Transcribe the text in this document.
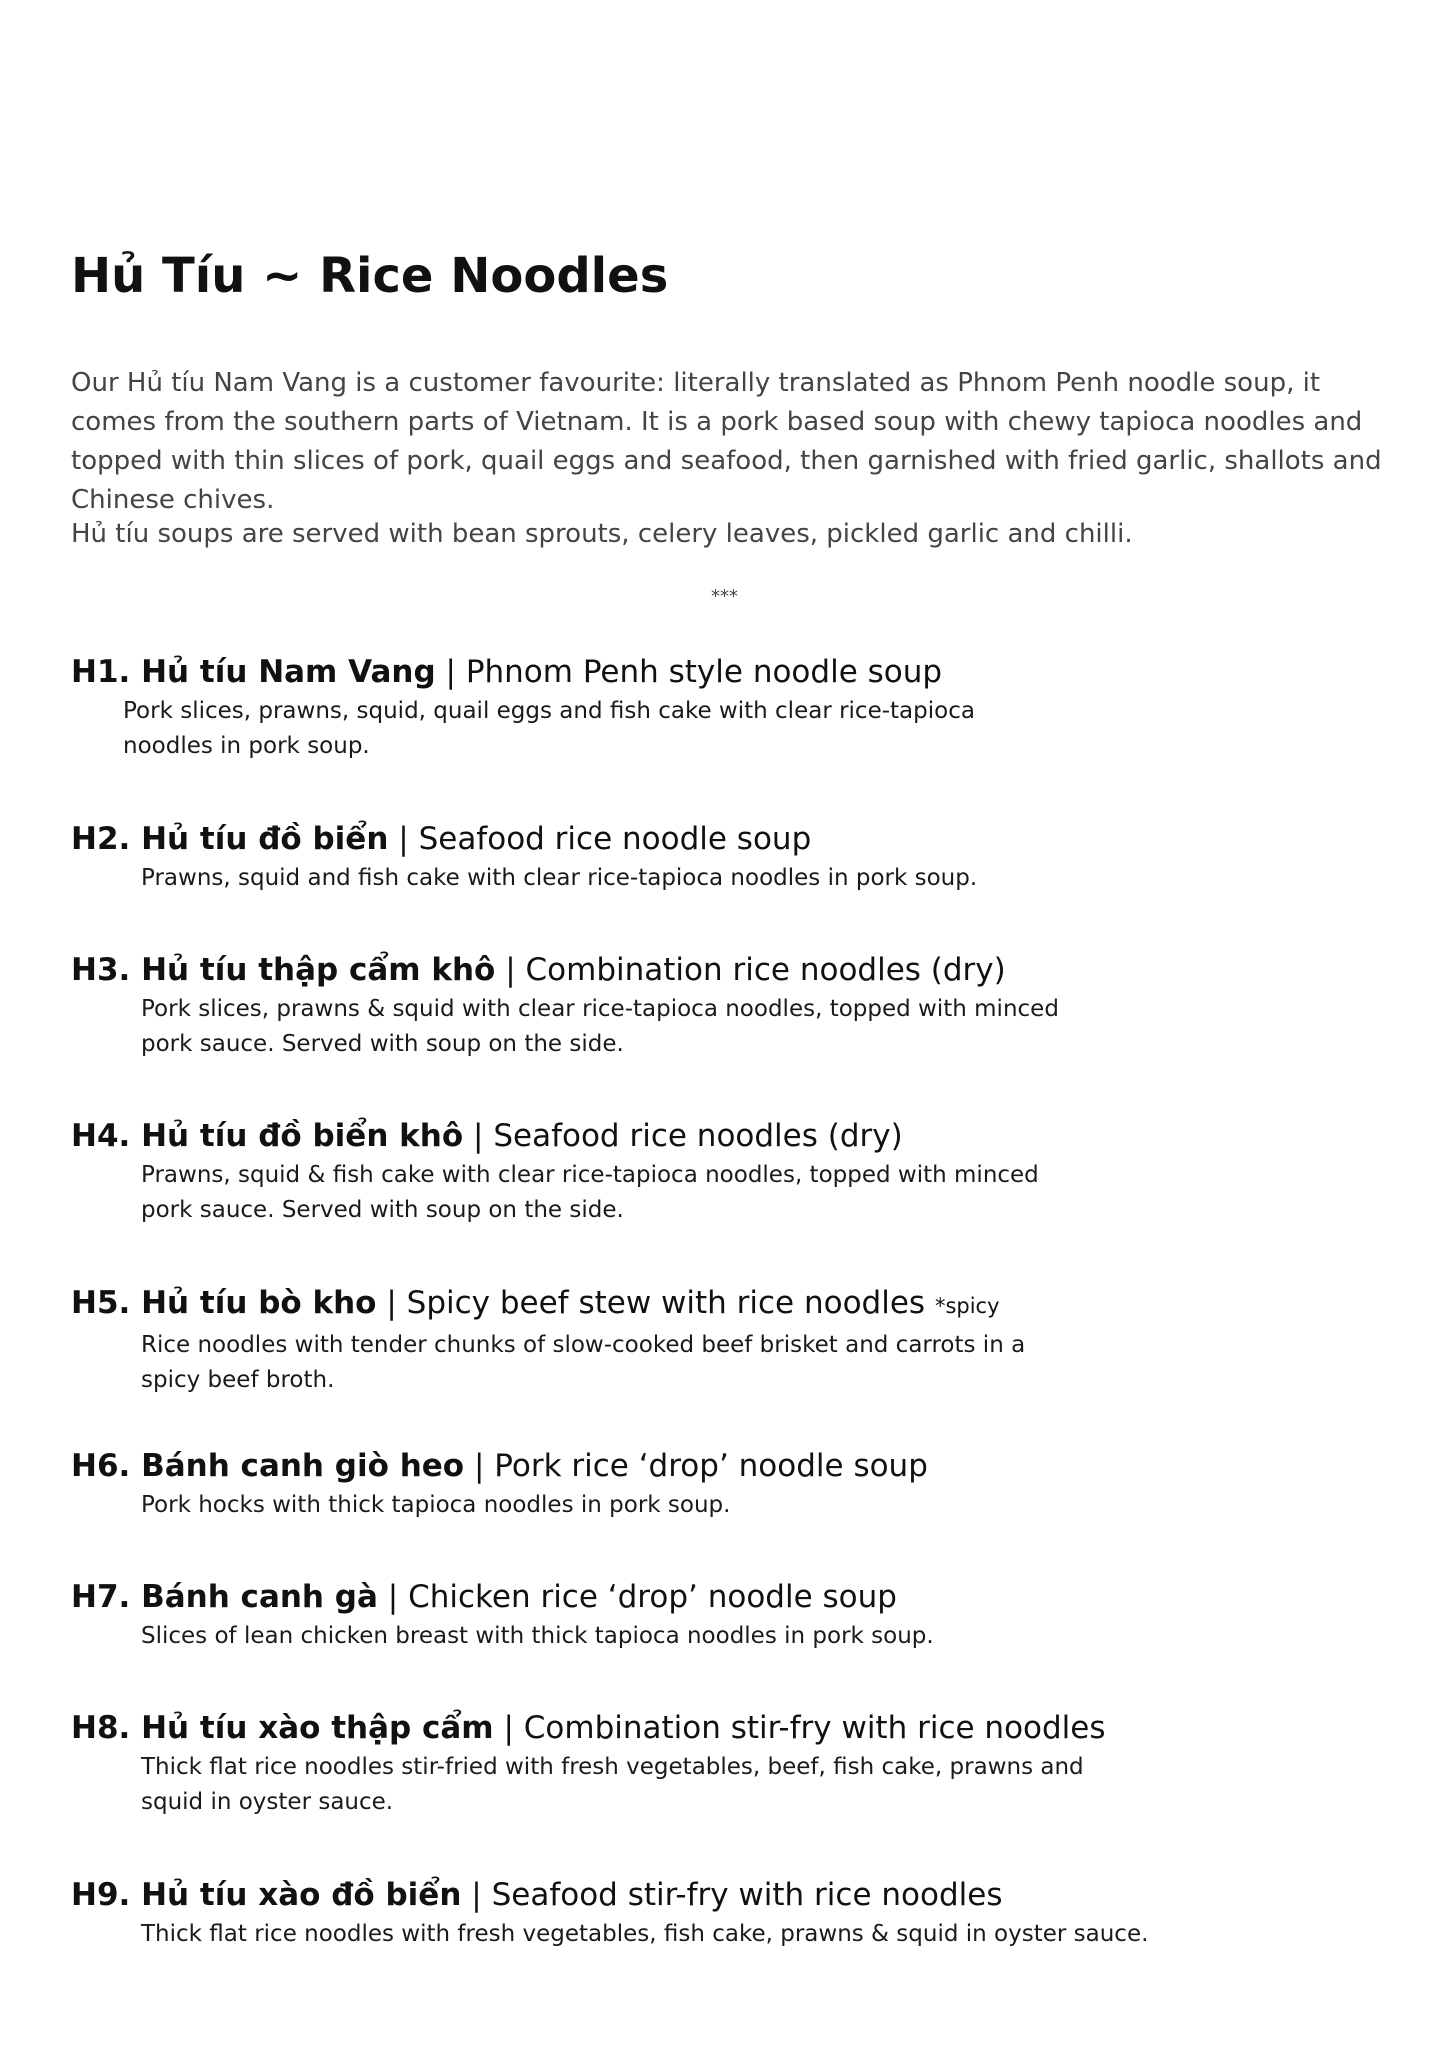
Hủ Tíu ~ Rice Noodles

Our Hủ tíu Nam Vang is a customer favourite: literally translated as Phnom Penh noodle soup, it comes from the southern parts of Vietnam. It is a pork based soup with chewy tapioca noodles and topped with thin slices of pork, quail eggs and seafood, then garnished with fried garlic, shallots and Chinese chives.

Hủ tíu soups are served with bean sprouts, celery leaves, pickled garlic and chilli.

***
H1. Hủ tíu Nam Vang | Phnom Penh style noodle soup
Pork slices, prawns, squid, quail eggs and fish cake with clear rice-tapioca noodles in pork soup.
H2. Hủ tíu đồ biển | Seafood rice noodle soup
Prawns, squid and fish cake with clear rice-tapioca noodles in pork soup.
H3. Hủ tíu thập cẩm khô | Combination rice noodles (dry)
Pork slices, prawns & squid with clear rice-tapioca noodles, topped with minced pork sauce. Served with soup on the side.
H4. Hủ tíu đồ biển khô | Seafood rice noodles (dry)
Prawns, squid & fish cake with clear rice-tapioca noodles, topped with minced pork sauce. Served with soup on the side.
H5. Hủ tíu bò kho | Spicy beef stew with rice noodles *spicy
Rice noodles with tender chunks of slow-cooked beef brisket and carrots in a spicy beef broth.
H6. Bánh canh giò heo | Pork rice ‘drop’ noodle soup
Pork hocks with thick tapioca noodles in pork soup.
H7. Bánh canh gà | Chicken rice ‘drop’ noodle soup
Slices of lean chicken breast with thick tapioca noodles in pork soup.
H8. Hủ tíu xào thập cẩm | Combination stir-fry with rice noodles
Thick flat rice noodles stir-fried with fresh vegetables, beef, fish cake, prawns and squid in oyster sauce.
H9. Hủ tíu xào đồ biển | Seafood stir-fry with rice noodles
Thick flat rice noodles with fresh vegetables, fish cake, prawns & squid in oyster sauce.
